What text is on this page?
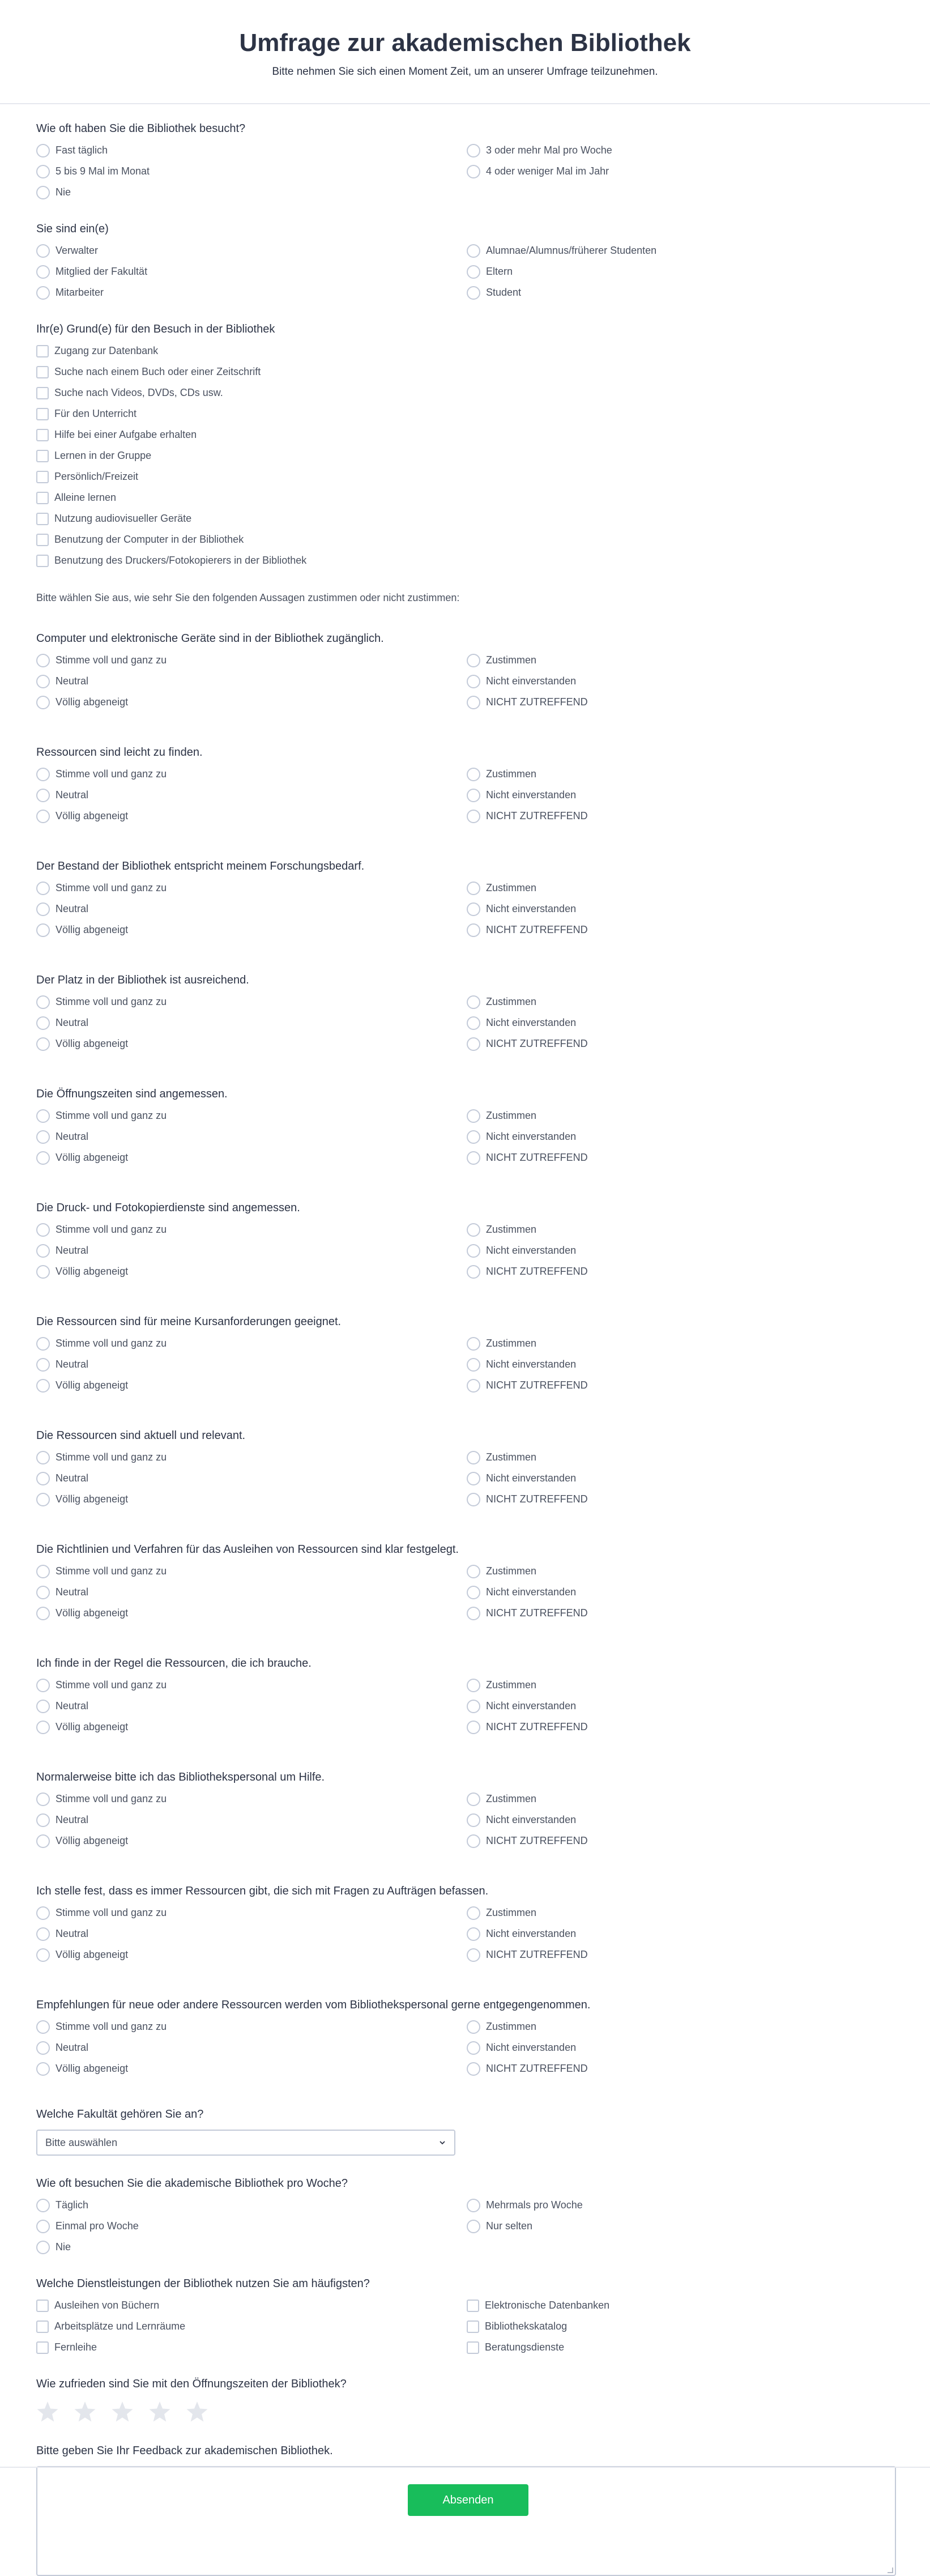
Umfrage zur akademischen Bibliothek

Bitte nehmen Sie sich einen Moment Zeit, um an unserer Umfrage teilzunehmen.

Wie oft haben Sie die Bibliothek besucht?
Fast täglich	3 oder mehr Mal pro Woche
5 bis 9 Mal im Monat	4 oder weniger Mal im Jahr
Nie
Sie sind ein(e)
Verwalter	Alumnae/Alumnus/früherer Studenten
Mitglied der Fakultät	Eltern
Mitarbeiter	Student
Ihr(e) Grund(e) für den Besuch in der Bibliothek
Zugang zur Datenbank
Suche nach einem Buch oder einer Zeitschrift
Suche nach Videos, DVDs, CDs usw.
Für den Unterricht
Hilfe bei einer Aufgabe erhalten
Lernen in der Gruppe
Persönlich/Freizeit
Alleine lernen
Nutzung audiovisueller Geräte
Benutzung der Computer in der Bibliothek
Benutzung des Druckers/Fotokopierers in der Bibliothek
Bitte wählen Sie aus, wie sehr Sie den folgenden Aussagen zustimmen oder nicht zustimmen:
Computer und elektronische Geräte sind in der Bibliothek zugänglich.
Stimme voll und ganz zu	Zustimmen
Neutral	Nicht einverstanden
Völlig abgeneigt	NICHT ZUTREFFEND
Ressourcen sind leicht zu finden.
Stimme voll und ganz zu	Zustimmen
Neutral	Nicht einverstanden
Völlig abgeneigt	NICHT ZUTREFFEND
Der Bestand der Bibliothek entspricht meinem Forschungsbedarf.
Stimme voll und ganz zu	Zustimmen
Neutral	Nicht einverstanden
Völlig abgeneigt	NICHT ZUTREFFEND
Der Platz in der Bibliothek ist ausreichend.
Stimme voll und ganz zu	Zustimmen
Neutral	Nicht einverstanden
Völlig abgeneigt	NICHT ZUTREFFEND
Die Öffnungszeiten sind angemessen.
Stimme voll und ganz zu	Zustimmen
Neutral	Nicht einverstanden
Völlig abgeneigt	NICHT ZUTREFFEND
Die Druck- und Fotokopierdienste sind angemessen.
Stimme voll und ganz zu	Zustimmen
Neutral	Nicht einverstanden
Völlig abgeneigt	NICHT ZUTREFFEND
Die Ressourcen sind für meine Kursanforderungen geeignet.
Stimme voll und ganz zu	Zustimmen
Neutral	Nicht einverstanden
Völlig abgeneigt	NICHT ZUTREFFEND
Die Ressourcen sind aktuell und relevant.
Stimme voll und ganz zu	Zustimmen
Neutral	Nicht einverstanden
Völlig abgeneigt	NICHT ZUTREFFEND
Die Richtlinien und Verfahren für das Ausleihen von Ressourcen sind klar festgelegt.
Stimme voll und ganz zu	Zustimmen
Neutral	Nicht einverstanden
Völlig abgeneigt	NICHT ZUTREFFEND
Ich finde in der Regel die Ressourcen, die ich brauche.
Stimme voll und ganz zu	Zustimmen
Neutral	Nicht einverstanden
Völlig abgeneigt	NICHT ZUTREFFEND
Normalerweise bitte ich das Bibliothekspersonal um Hilfe.
Stimme voll und ganz zu	Zustimmen
Neutral	Nicht einverstanden
Völlig abgeneigt	NICHT ZUTREFFEND
Ich stelle fest, dass es immer Ressourcen gibt, die sich mit Fragen zu Aufträgen befassen.
Stimme voll und ganz zu	Zustimmen
Neutral	Nicht einverstanden
Völlig abgeneigt	NICHT ZUTREFFEND
Empfehlungen für neue oder andere Ressourcen werden vom Bibliothekspersonal gerne entgegengenommen.
Stimme voll und ganz zu	Zustimmen
Neutral	Nicht einverstanden
Völlig abgeneigt	NICHT ZUTREFFEND
Welche Fakultät gehören Sie an?
Bitte auswählen
Wie oft besuchen Sie die akademische Bibliothek pro Woche?
Täglich	Mehrmals pro Woche
Einmal pro Woche	Nur selten
Nie
Welche Dienstleistungen der Bibliothek nutzen Sie am häufigsten?
Ausleihen von Büchern	Elektronische Datenbanken
Arbeitsplätze und Lernräume	Bibliothekskatalog
Fernleihe	Beratungsdienste
Wie zufrieden sind Sie mit den Öffnungszeiten der Bibliothek?
Bitte geben Sie Ihr Feedback zur akademischen Bibliothek.
Absenden
